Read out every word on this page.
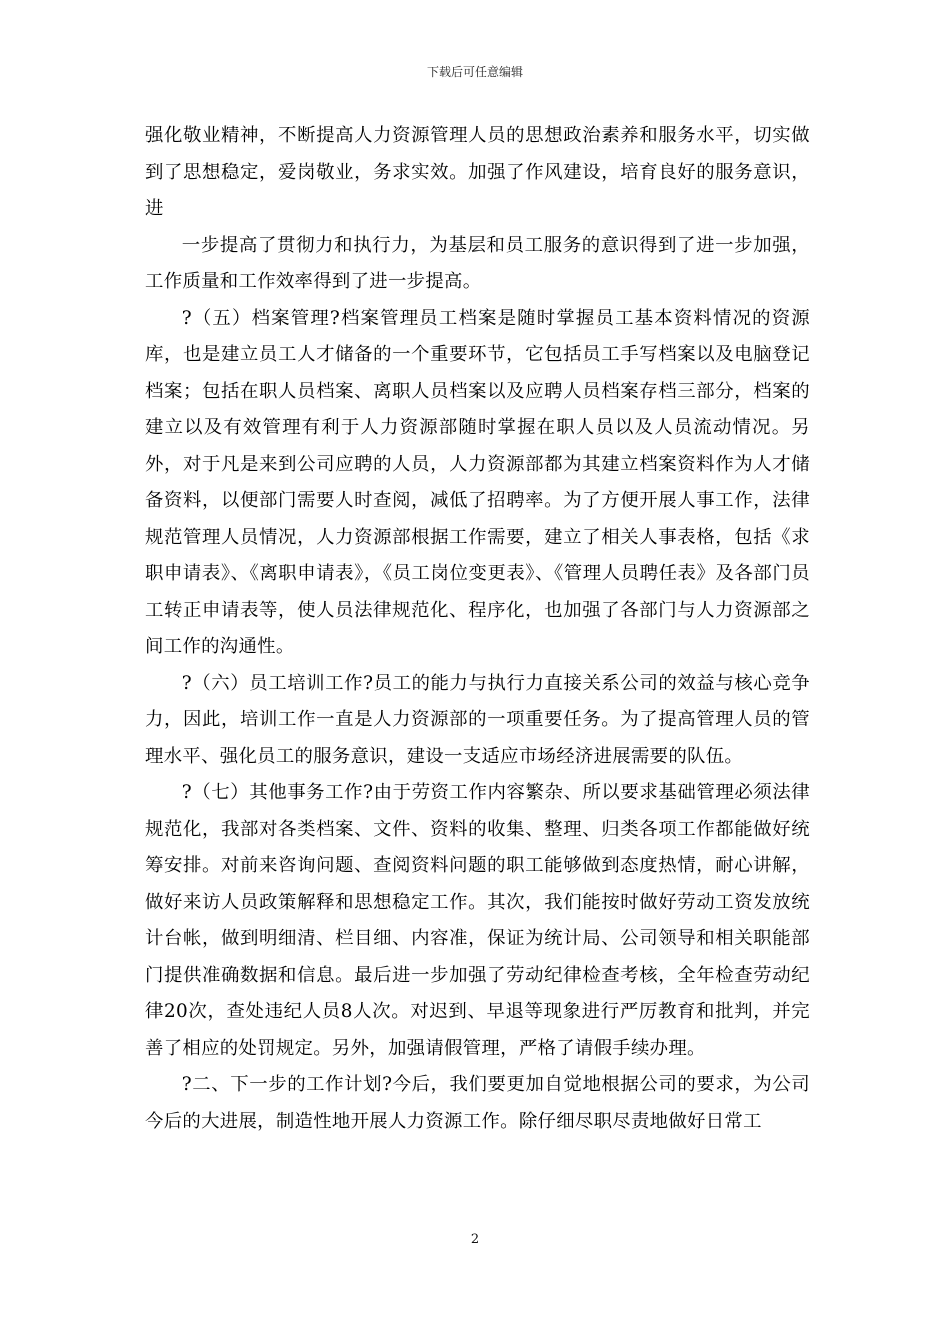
下载后可任意编辑

强化敬业精神，不断提高人力资源管理人员的思想政治素养和服务水平，切实做到了思想稳定，爱岗敬业，务求实效。加强了作风建设，培育良好的服务意识，进

一步提高了贯彻力和执行力，为基层和员工服务的意识得到了进一步加强，工作质量和工作效率得到了进一步提高。

?（五）档案管理?档案管理员工档案是随时掌握员工基本资料情况的资源库，也是建立员工人才储备的一个重要环节，它包括员工手写档案以及电脑登记档案；包括在职人员档案、离职人员档案以及应聘人员档案存档三部分，档案的建立以及有效管理有利于人力资源部随时掌握在职人员以及人员流动情况。另外，对于凡是来到公司应聘的人员，人力资源部都为其建立档案资料作为人才储备资料，以便部门需要人时查阅，减低了招聘率。为了方便开展人事工作，法律规范管理人员情况，人力资源部根据工作需要，建立了相关人事表格，包括《求职申请表》、《离职申请表》，《员工岗位变更表》、《管理人员聘任表》及各部门员工转正申请表等，使人员法律规范化、程序化，也加强了各部门与人力资源部之间工作的沟通性。

?（六）员工培训工作?员工的能力与执行力直接关系公司的效益与核心竞争力，因此，培训工作一直是人力资源部的一项重要任务。为了提高管理人员的管理水平、强化员工的服务意识，建设一支适应市场经济进展需要的队伍。

?（七）其他事务工作?由于劳资工作内容繁杂、所以要求基础管理必须法律规范化，我部对各类档案、文件、资料的收集、整理、归类各项工作都能做好统筹安排。对前来咨询问题、查阅资料问题的职工能够做到态度热情，耐心讲解，做好来访人员政策解释和思想稳定工作。其次，我们能按时做好劳动工资发放统计台帐，做到明细清、栏目细、内容准，保证为统计局、公司领导和相关职能部门提供准确数据和信息。最后进一步加强了劳动纪律检查考核，全年检查劳动纪律20次，查处违纪人员8人次。对迟到、早退等现象进行严厉教育和批判，并完善了相应的处罚规定。另外，加强请假管理，严格了请假手续办理。

?二、下一步的工作计划?今后，我们要更加自觉地根据公司的要求，为公司今后的大进展，制造性地开展人力资源工作。除仔细尽职尽责地做好日常工

2
